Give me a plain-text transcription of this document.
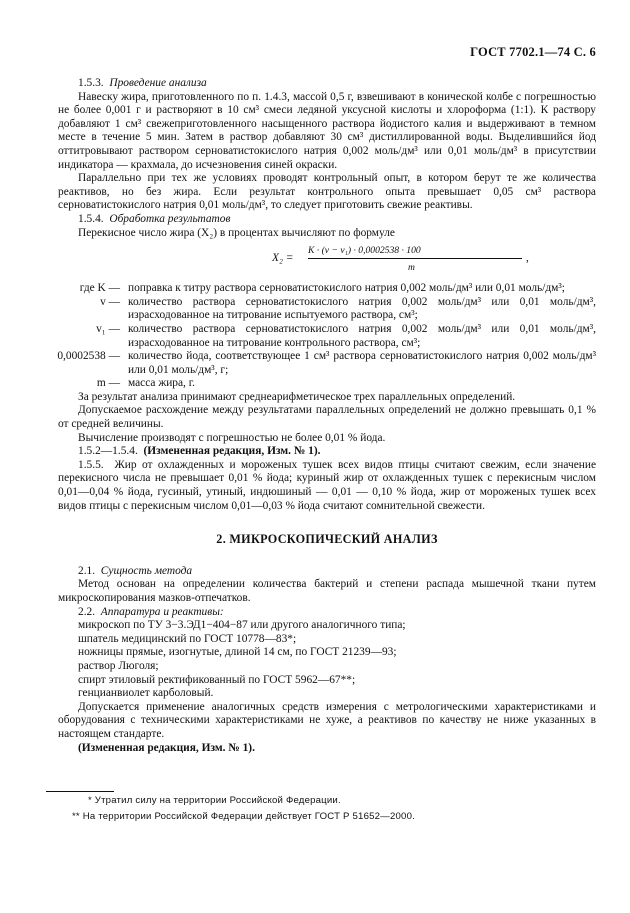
ГОСТ 7702.1—74 С. 6

1.5.3. Проведение анализа

Навеску жира, приготовленного по п. 1.4.3, массой 0,5 г, взвешивают в конической колбе с погрешностью не более 0,001 г и растворяют в 10 см³ смеси ледяной уксусной кислоты и хлороформа (1:1). К раствору добавляют 1 см³ свежеприготовленного насыщенного раствора йодистого калия и выдерживают в темном месте в течение 5 мин. Затем в раствор добавляют 30 см³ дистиллированной воды. Выделившийся йод оттитровывают раствором серноватистокислого натрия 0,002 моль/дм³ или 0,01 моль/дм³ в присутствии индикатора — крахмала, до исчезновения синей окраски.

Параллельно при тех же условиях проводят контрольный опыт, в котором берут те же количества реактивов, но без жира. Если результат контрольного опыта превышает 0,05 см³ раствора серноватистокислого натрия 0,01 моль/дм³, то следует приготовить свежие реактивы.

1.5.4. Обработка результатов

Перекисное число жира (X₂) в процентах вычисляют по формуле

X₂ =
K · (v − v₁) · 0,0002538 · 100
m
,
где K — поправка к титру раствора серноватистокислого натрия 0,002 моль/дм³ или 0,01 моль/дм³;
v — количество раствора серноватистокислого натрия 0,002 моль/дм³ или 0,01 моль/дм³, израсходованное на титрование испытуемого раствора, см³;
v₁ — количество раствора серноватистокислого натрия 0,002 моль/дм³ или 0,01 моль/дм³, израсходованное на титрование контрольного раствора, см³;
0,0002538 — количество йода, соответствующее 1 см³ раствора серноватистокислого натрия 0,002 моль/дм³ или 0,01 моль/дм³, г;
m — масса жира, г.

За результат анализа принимают среднеарифметическое трех параллельных определений.

Допускаемое расхождение между результатами параллельных определений не должно превышать 0,1 % от средней величины.

Вычисление производят с погрешностью не более 0,01 % йода.

1.5.2—1.5.4. (Измененная редакция, Изм. № 1).

1.5.5. Жир от охлажденных и мороженых тушек всех видов птицы считают свежим, если значение перекисного числа не превышает 0,01 % йода; куриный жир от охлажденных тушек с перекисным числом 0,01—0,04 % йода, гусиный, утиный, индюшиный — 0,01 — 0,10 % йода, жир от мороженых тушек всех видов птицы с перекисным числом 0,01—0,03 % йода считают сомнительной свежести.

2. МИКРОСКОПИЧЕСКИЙ АНАЛИЗ

2.1. Сущность метода

Метод основан на определении количества бактерий и степени распада мышечной ткани путем микроскопирования мазков-отпечатков.

2.2. Аппаратура и реактивы:

микроскоп по ТУ 3−3.ЭД1−404−87 или другого аналогичного типа;

шпатель медицинский по ГОСТ 10778—83*;

ножницы прямые, изогнутые, длиной 14 см, по ГОСТ 21239—93;

раствор Люголя;

спирт этиловый ректификованный по ГОСТ 5962—67**;

генцианвиолет карболовый.

Допускается применение аналогичных средств измерения с метрологическими характеристиками и оборудования с техническими характеристиками не хуже, а реактивов по качеству не ниже указанных в настоящем стандарте.

(Измененная редакция, Изм. № 1).

* Утратил силу на территории Российской Федерации.

** На территории Российской Федерации действует ГОСТ Р 51652—2000.
